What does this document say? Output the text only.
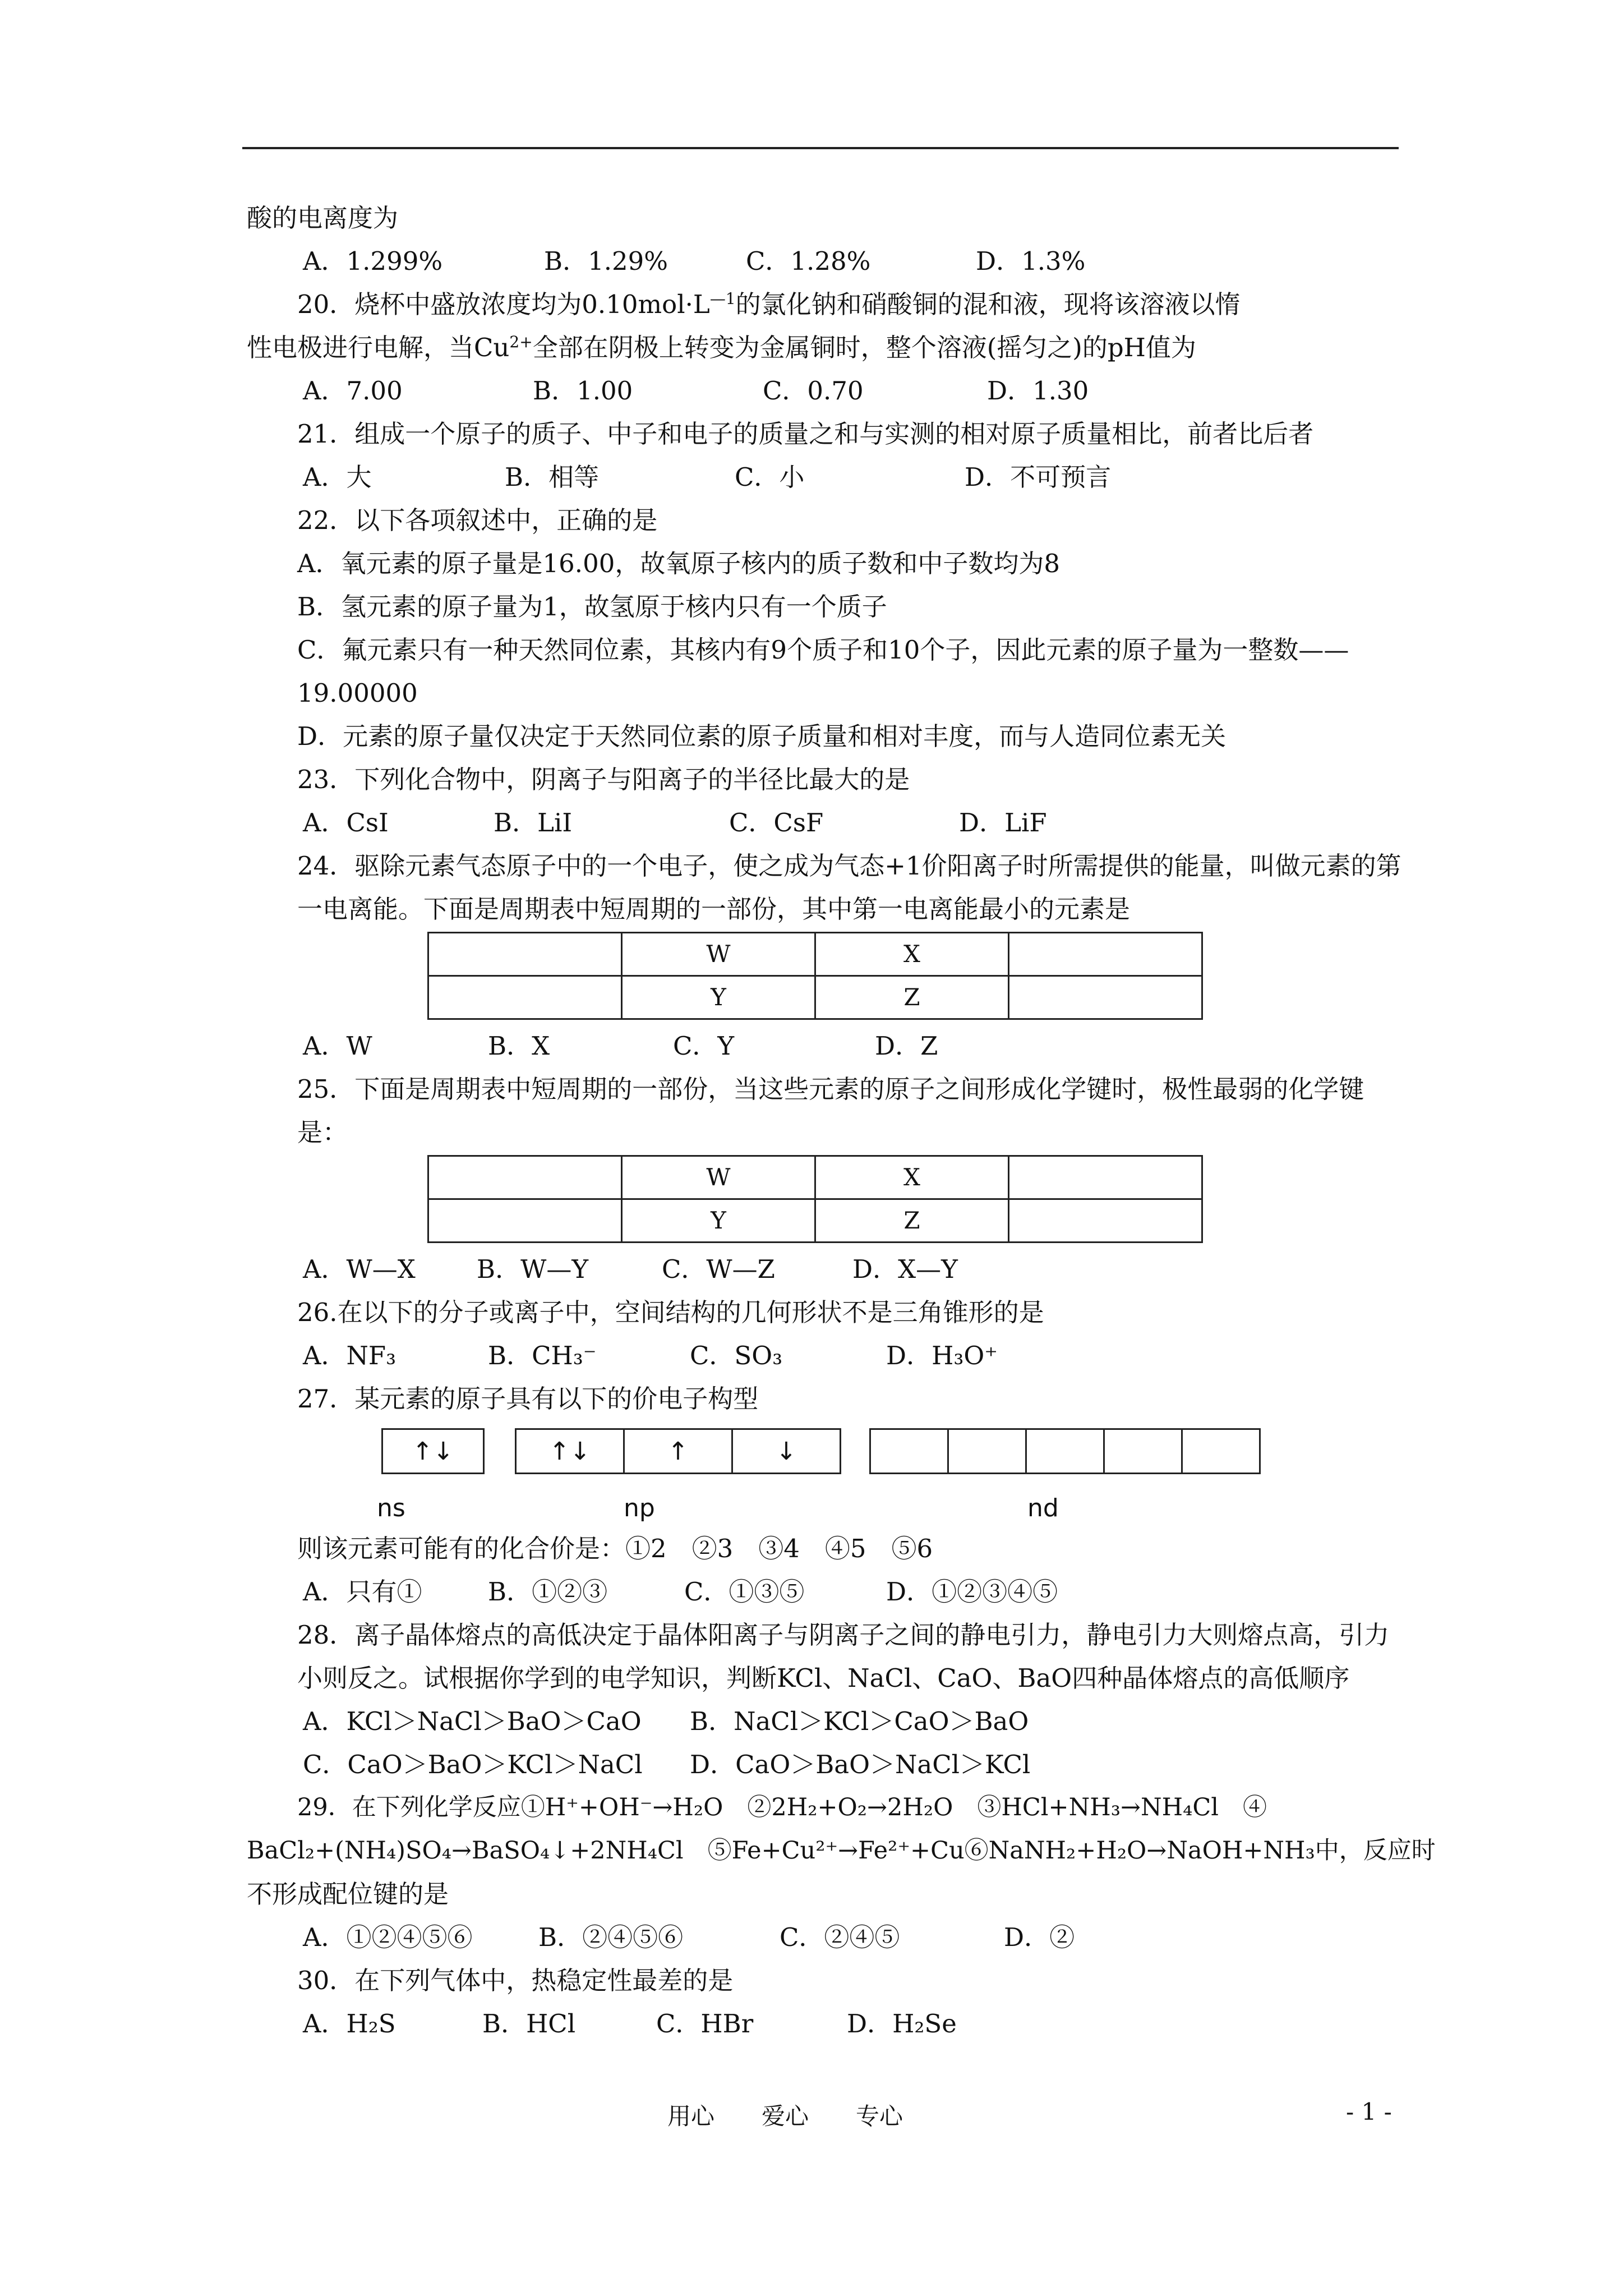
酸的电离度为
A．1.299%	B．1.29%	C．1.28%	D．1.3%
20．烧杯中盛放浓度均为$0.10mol\cdot L^{—1}$的氯化钠和硝酸铜的混和液，现将该溶液以惰
性电极进行电解，当$Cu^{2+}$全部在阴极上转变为金属铜时，整个溶液(摇匀之)的pH值为
A．7.00	B．1.00	C．0.70	D．1.30
21．组成一个原子的质子、中子和电子的质量之和与实测的相对原子质量相比，前者比后者
A．大	B．相等	C．小	D．不可预言
22．以下各项叙述中，正确的是
A．氧元素的原子量是16.00，故氧原子核内的质子数和中子数均为8
B．氢元素的原子量为1，故氢原于核内只有一个质子
C．氟元素只有一种天然同位素，其核内有9个质子和10个子，因此元素的原子量为一整数——19.00000
D．元素的原子量仅决定于天然同位素的原子质量和相对丰度，而与人造同位素无关
23．下列化合物中，阴离子与阳离子的半径比最大的是
A．CsI	B．LiI	C．CsF	D．LiF
24．驱除元素气态原子中的一个电子，使之成为气态+1价阳离子时所需提供的能量，叫做元素的第一电离能。下面是周期表中短周期的一部份，其中第一电离能最小的元素是
	W	X	
	Y	Z	
A．W	B．X	C．Y	D．Z
25．下面是周期表中短周期的一部份，当这些元素的原子之间形成化学键时，极性最弱的化学键是：
	W	X	
	Y	Z	
A．W—X	B．W—Y	C．W—Z	D．X—Y
26.在以下的分子或离子中，空间结构的几何形状不是三角锥形的是
A．NF₃	B．CH₃⁻	C．SO₃	D．H₃O⁺
27．某元素的原子具有以下的价电子构型
↑↓	↑↓	↑	↓
ns	np	nd
则该元素可能有的化合价是：①2　②3　③4　④5　⑤6
A．只有①	B．①②③	C．①③⑤	D．①②③④⑤
28．离子晶体熔点的高低决定于晶体阳离子与阴离子之间的静电引力，静电引力大则熔点高，引力小则反之。试根据你学到的电学知识，判断KCl、NaCl、CaO、BaO四种晶体熔点的高低顺序
A．KCl＞NaCl＞BaO＞CaO	B．NaCl＞KCl＞CaO＞BaO
C．CaO＞BaO＞KCl＞NaCl	D．CaO＞BaO＞NaCl＞KCl
29．在下列化学反应①H⁺+OH⁻→H₂O　②2H₂+O₂→2H₂O　③HCl+NH₃→NH₄Cl　④
BaCl₂+(NH₄)SO₄→BaSO₄↓+2NH₄Cl　⑤Fe+Cu²⁺→Fe²⁺+Cu⑥NaNH₂+H₂O→NaOH+NH₃中，反应时
不形成配位键的是
A．①②④⑤⑥	B．②④⑤⑥	C．②④⑤	D．②
30．在下列气体中，热稳定性最差的是
A．H₂S	B．HCl	C．HBr	D．H₂Se
用心　　爱心　　专心	- 1 -
